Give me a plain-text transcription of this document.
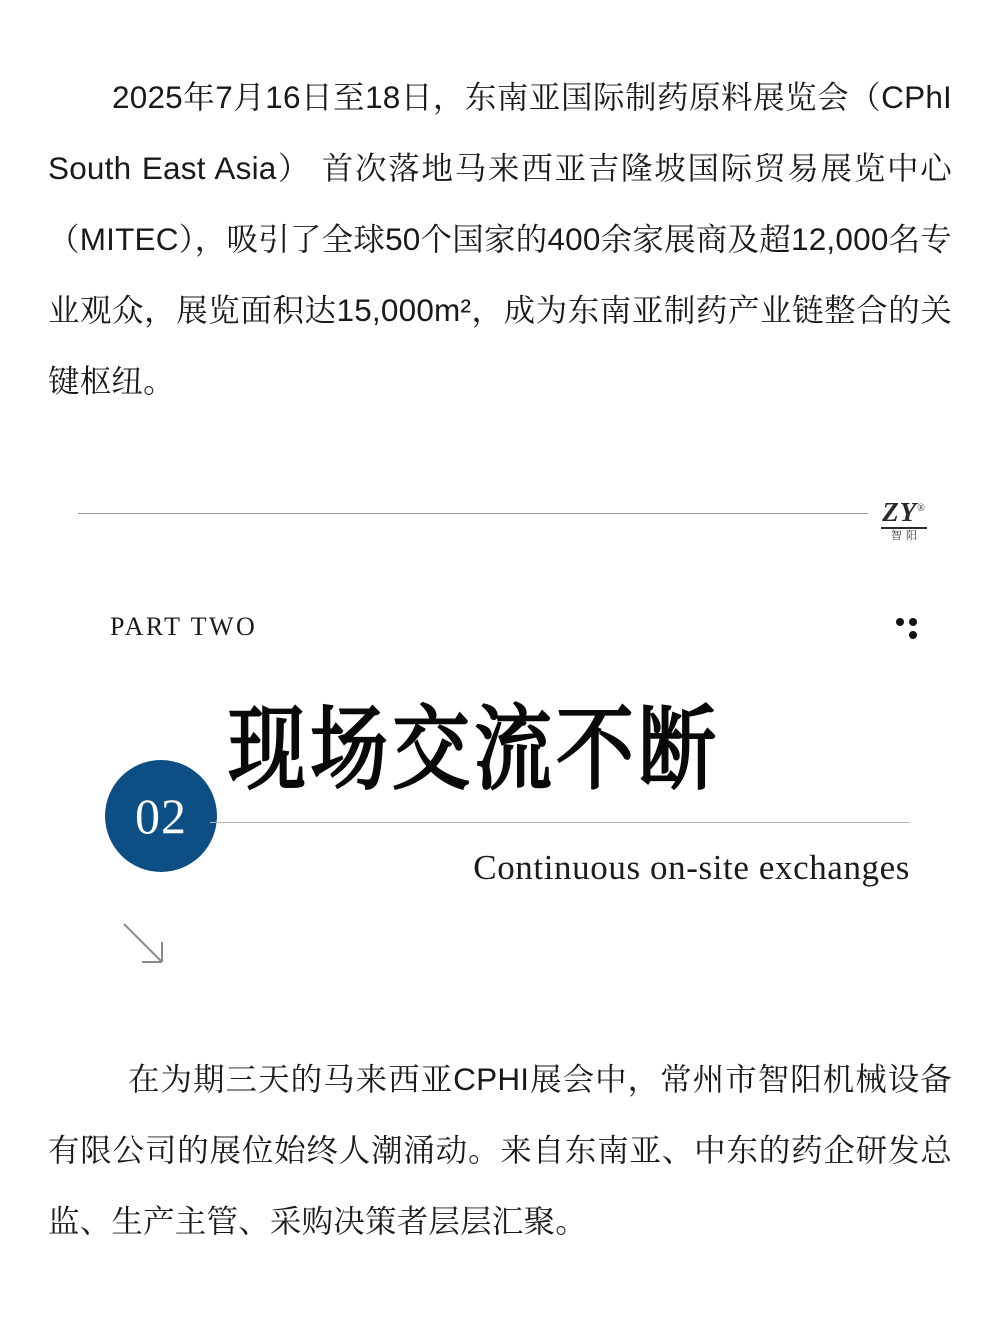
2025年7月16日至18日，东南亚国际制药原料展览会（CPhI South East Asia） 首次落地马来西亚吉隆坡国际贸易展览中心（MITEC），吸引了全球50个国家的400余家展商及超12,000名专业观众，展览面积达15,000m²，成为东南亚制药产业链整合的关键枢纽。

ZY®
智阳
PART TWO
02
现场交流不断
Continuous on-site exchanges

在为期三天的马来西亚CPHI展会中，常州市智阳机械设备有限公司的展位始终人潮涌动。来自东南亚、中东的药企研发总监、生产主管、采购决策者层层汇聚。
